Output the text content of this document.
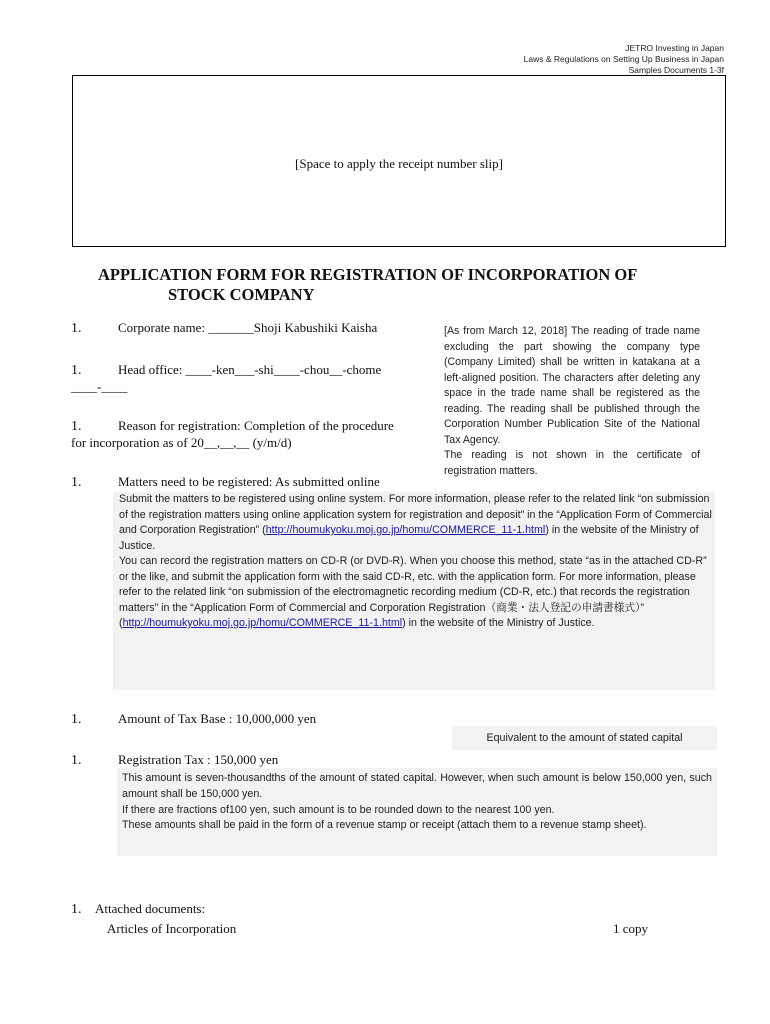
JETRO Investing in Japan
Laws & Regulations on Setting Up Business in Japan
Samples Documents 1-3f
[Space to apply the receipt number slip]
APPLICATION FORM FOR REGISTRATION OF INCORPORATION OF
STOCK COMPANY
1.	Corporate name: _______Shoji Kabushiki Kaisha	[As from March 12, 2018] The reading of trade name excluding the part showing the company type (Company Limited) shall be written in katakana at a left-aligned position. The characters after deleting any space in the trade name shall be registered as the reading. The reading shall be published through the Corporation Number Publication Site of the National Tax Agency.
The reading is not shown in the certificate of registration matters.
1.	Head office: ____-ken___-shi____-chou__-chome
____-____
1.	Reason for registration: Completion of the procedure
for incorporation as of 20__,__,__ (y/m/d)
1.	Matters need to be registered: As submitted online
Submit the matters to be registered using online system. For more information, please refer to the related link “on submission of the registration matters using online application system for registration and deposit” in the “Application Form of Commercial and Corporation Registration” (http://houmukyoku.moj.go.jp/homu/COMMERCE_11-1.html) in the website of the Ministry of Justice.
You can record the registration matters on CD-R (or DVD-R). When you choose this method, state “as in the attached CD-R” or the like, and submit the application form with the said CD-R, etc. with the application form. For more information, please refer to the related link “on submission of the electromagnetic recording medium (CD-R, etc.) that records the registration matters” in the “Application Form of Commercial and Corporation Registration（商業・法人登記の申請書様式）”
(http://houmukyoku.moj.go.jp/homu/COMMERCE_11-1.html) in the website of the Ministry of Justice.
1.	Amount of Tax Base : 10,000,000 yen
Equivalent to the amount of stated capital
1.	Registration Tax : 150,000 yen
This amount is seven-thousandths of the amount of stated capital. However, when such amount is below 150,000 yen, such amount shall be 150,000 yen.
If there are fractions of100 yen, such amount is to be rounded down to the nearest 100 yen.
These amounts shall be paid in the form of a revenue stamp or receipt (attach them to a revenue stamp sheet).
1. Attached documents:
Articles of Incorporation	1 copy
